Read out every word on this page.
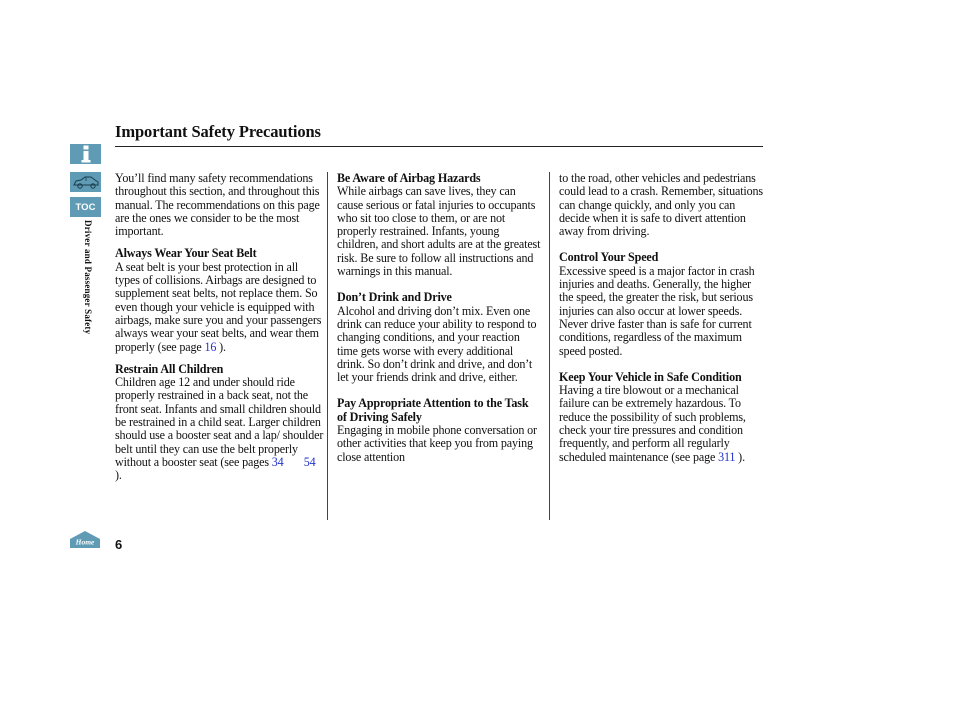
Important Safety Precautions
TOC
Driver and Passenger Safety
Home 6

You’ll find many safety recommendations throughout this section, and throughout this manual. The recommendations on this page are the ones we consider to be the most important.

Always Wear Your Seat Belt

A seat belt is your best protection in all types of collisions. Airbags are designed to supplement seat belts, not replace them. So even though your vehicle is equipped with airbags, make sure you and your passengers always wear your seat belts, and wear them properly (see page 16 ).

Restrain All Children

Children age 12 and under should ride properly restrained in a back seat, not the front seat. Infants and small children should be restrained in a child seat. Larger children should use a booster seat and a lap/ shoulder belt until they can use the belt properly without a booster seat (see pages 34 54 ).

Be Aware of Airbag Hazards

While airbags can save lives, they can cause serious or fatal injuries to occupants who sit too close to them, or are not properly restrained. Infants, young children, and short adults are at the greatest risk. Be sure to follow all instructions and warnings in this manual.

Don’t Drink and Drive

Alcohol and driving don’t mix. Even one drink can reduce your ability to respond to changing conditions, and your reaction time gets worse with every additional drink. So don’t drink and drive, and don’t let your friends drink and drive, either.

Pay Appropriate Attention to the Task of Driving Safely

Engaging in mobile phone conversation or other activities that keep you from paying close attention

to the road, other vehicles and pedestrians could lead to a crash. Remember, situations can change quickly, and only you can decide when it is safe to divert attention away from driving.

Control Your Speed

Excessive speed is a major factor in crash injuries and deaths. Generally, the higher the speed, the greater the risk, but serious injuries can also occur at lower speeds. Never drive faster than is safe for current conditions, regardless of the maximum speed posted.

Keep Your Vehicle in Safe Condition

Having a tire blowout or a mechanical failure can be extremely hazardous. To reduce the possibility of such problems, check your tire pressures and condition frequently, and perform all regularly scheduled maintenance (see page 311 ).
